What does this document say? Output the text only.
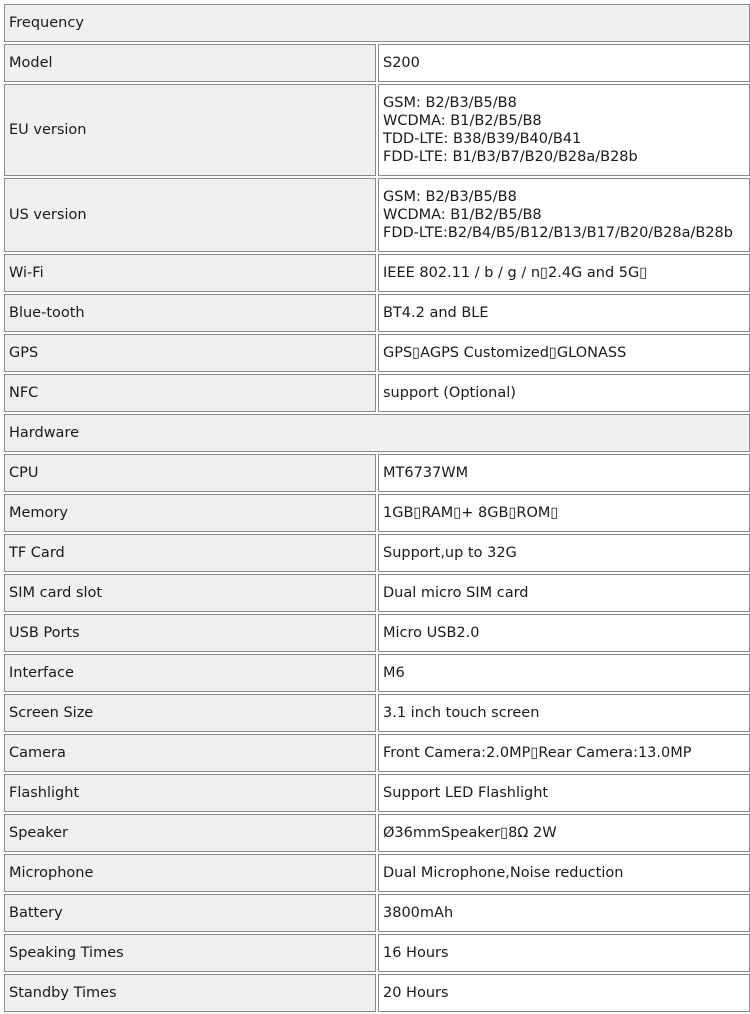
Frequency	
Model	S200

EU version	GSM: B2/B3/B5/B8
WCDMA: B1/B2/B5/B8
TDD-LTE: B38/B39/B40/B41
FDD-LTE: B1/B3/B7/B20/B28a/B28b

US version	GSM: B2/B3/B5/B8
WCDMA: B1/B2/B5/B8
FDD-LTE:B2/B4/B5/B12/B13/B17/B20/B28a/B28b

Wi-Fi	IEEE 802.11 / b / g / n▯2.4G and 5G▯

Blue-tooth	BT4.2 and BLE

GPS	GPS▯AGPS Customized▯GLONASS

NFC	support (Optional)

Hardware	
CPU	MT6737WM
Memory	1GB▯RAM▯+ 8GB▯ROM▯
TF Card	Support,up to 32G
SIM card slot	Dual micro SIM card
USB Ports	Micro USB2.0
Interface	M6
Screen Size	3.1 inch touch screen
Camera	Front Camera:2.0MP▯Rear Camera:13.0MP
Flashlight	Support LED Flashlight
Speaker	Ø36mmSpeaker▯8Ω 2W
Microphone	Dual Microphone,Noise reduction
Battery	3800mAh
Speaking Times	16 Hours
Standby Times	20 Hours
